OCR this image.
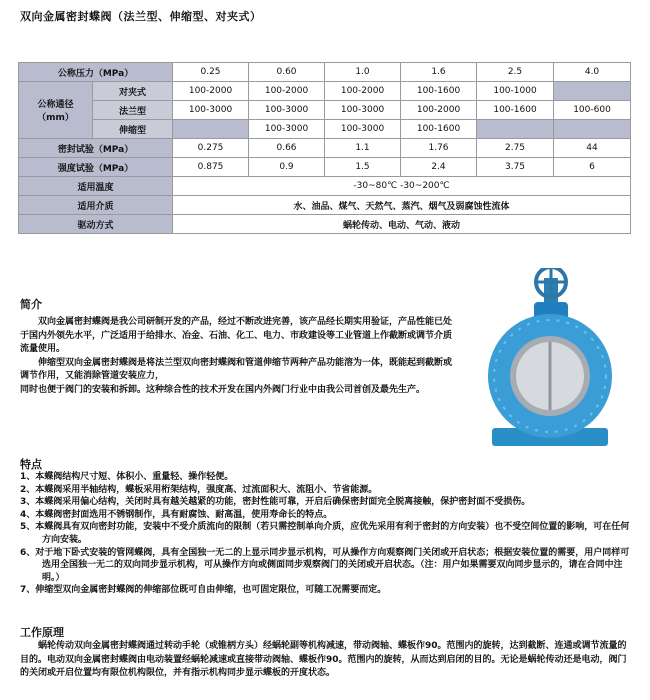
双向金属密封蝶阀（法兰型、伸缩型、对夹式）
公称压力（MPa）		0.25	0.60	1.0	1.6	2.5	4.0
公称通径
（mm）	对夹式	100-2000	100-2000	100-2000	100-1600	100-1000	
	法兰型	100-3000	100-3000	100-3000	100-2000	100-1600	100-600
	伸缩型		100-3000	100-3000	100-1600		
密封试验（MPa）		0.275	0.66	1.1	1.76	2.75	44
强度试验（MPa）		0.875	0.9	1.5	2.4	3.75	6
适用温度		-30~80℃ -30~200℃					
适用介质		水、油品、煤气、天然气、蒸汽、烟气及弱腐蚀性流体					
驱动方式		蜗轮传动、电动、气动、液动					
简介

双向金属密封蝶阀是我公司研制开发的产品，经过不断改进完善，该产品经长期实用验证，产品性能已处于国内外领先水平，广泛适用于给排水、冶金、石油、化工、电力、市政建设等工业管道上作截断或调节介质流量使用。

伸缩型双向金属密封蝶阀是将法兰型双向密封蝶阀和管道伸缩节两种产品功能溶为一体，既能起到截断或调节作用，又能消除管道安装应力，

同时也便于阀门的安装和拆卸。这种综合性的技术开发在国内外阀门行业中由我公司首创及最先生产。

特点
1、本蝶阀结构尺寸短、体积小、重量轻、操作轻便。
2、本蝶阀采用半轴结构，蝶板采用桁架结构，强度高、过流面积大、流阻小、节省能源。
3、本蝶阀采用偏心结构，关闭时具有越关越紧的功能，密封性能可靠，开启后确保密封面完全脱离接触，保护密封面不受损伤。
4、本蝶阀密封面选用不锈钢制作，具有耐腐蚀、耐高温，使用寿命长的特点。
5、本蝶阀具有双向密封功能，安装中不受介质流向的限制（若只需控制单向介质，应优先采用有利于密封的方向安装）也不受空间位置的影响，可在任何方向安装。
6、对于地下卧式安装的管网蝶阀，具有全国独一无二的上显示同步显示机构，可从操作方向观察阀门关闭或开启状态；根据安装位置的需要，用户同样可选用全国独一无二的双向同步显示机构，可从操作方向或侧面同步观察阀门的关闭或开启状态。（注：用户如果需要双向同步显示的，请在合同中注明。）
7、伸缩型双向金属密封蝶阀的伸缩部位既可自由伸缩，也可固定限位，可随工况需要而定。
工作原理

蜗轮传动双向金属密封蝶阀通过转动手轮（或锥柄方头）经蜗轮副等机构减速，带动阀轴、蝶板作90。范围内的旋转，达到截断、连通或调节流量的目的。电动双向金属密封蝶阀由电动装置经蜗轮减速或直接带动阀轴、蝶板作90。范围内的旋转，从而达到启闭的目的。无论是蜗轮传动还是电动，阀门的关闭或开启位置均有限位机构限位，并有指示机构同步显示蝶板的开度状态。
